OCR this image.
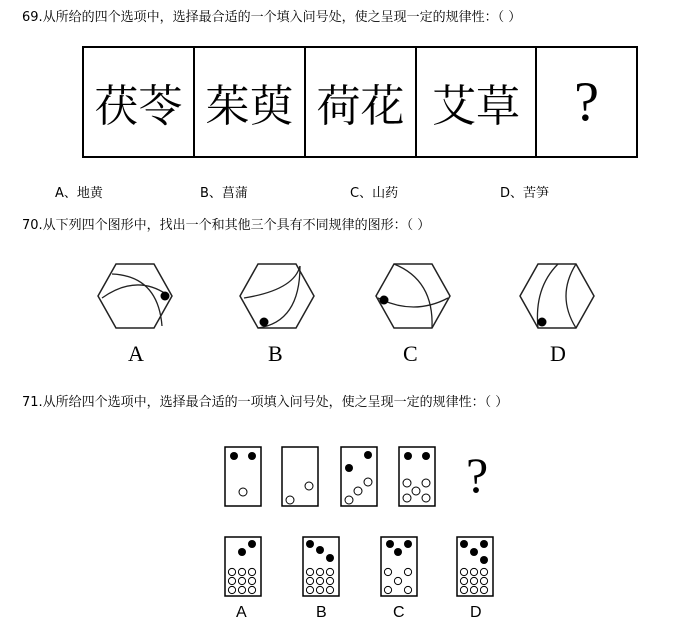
69.从所给的四个选项中，选择最合适的一个填入问号处，使之呈现一定的规律性：（ ）
茯苓 茱萸 荷花 艾草 ?
A、地黄	B、菖蒲	C、山药	D、苦笋
70.从下列四个图形中，找出一个和其他三个具有不同规律的图形：（ ）
A	B	C	D
71.从所给四个选项中，选择最合适的一项填入问号处，使之呈现一定的规律性：（ ）
?
A	B	C	D
